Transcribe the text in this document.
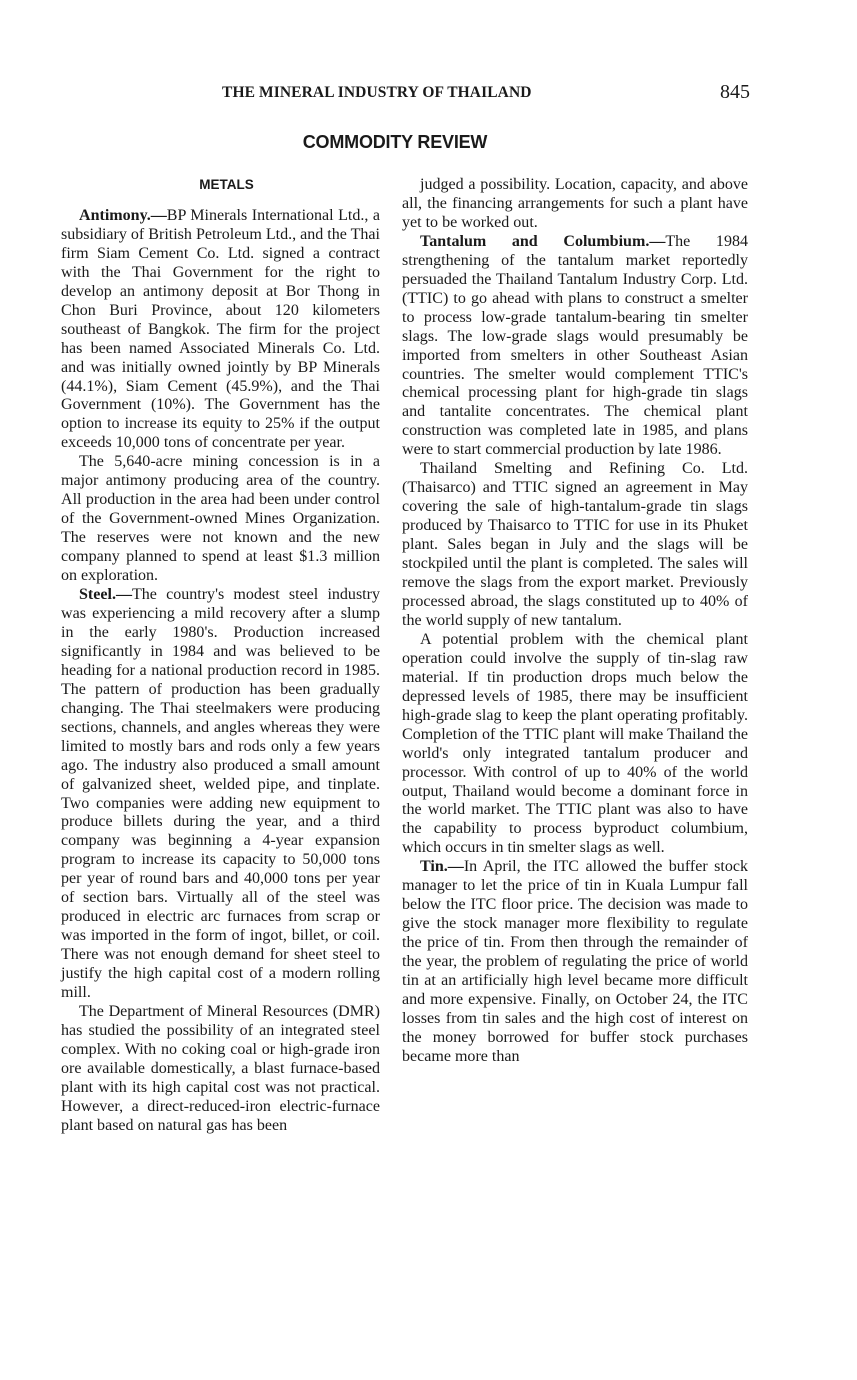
THE MINERAL INDUSTRY OF THAILAND	845
COMMODITY REVIEW
METALS

Antimony.—BP Minerals International Ltd., a subsidiary of British Petroleum Ltd., and the Thai firm Siam Cement Co. Ltd. signed a contract with the Thai Government for the right to develop an antimony deposit at Bor Thong in Chon Buri Province, about 120 kilometers southeast of Bangkok. The firm for the project has been named Associated Minerals Co. Ltd. and was initially owned jointly by BP Minerals (44.1%), Siam Cement (45.9%), and the Thai Government (10%). The Government has the option to increase its equity to 25% if the output exceeds 10,000 tons of concentrate per year.

The 5,640-acre mining concession is in a major antimony producing area of the country. All production in the area had been under control of the Government-owned Mines Organization. The reserves were not known and the new company planned to spend at least $1.3 million on exploration.

Steel.—The country's modest steel industry was experiencing a mild recovery after a slump in the early 1980's. Production increased significantly in 1984 and was believed to be heading for a national production record in 1985. The pattern of production has been gradually changing. The Thai steelmakers were producing sections, channels, and angles whereas they were limited to mostly bars and rods only a few years ago. The industry also produced a small amount of galvanized sheet, welded pipe, and tinplate. Two companies were adding new equipment to produce billets during the year, and a third company was beginning a 4-year expansion program to increase its capacity to 50,000 tons per year of round bars and 40,000 tons per year of section bars. Virtually all of the steel was produced in electric arc furnaces from scrap or was imported in the form of ingot, billet, or coil. There was not enough demand for sheet steel to justify the high capital cost of a modern rolling mill.

The Department of Mineral Resources (DMR) has studied the possibility of an integrated steel complex. With no coking coal or high-grade iron ore available domestically, a blast furnace-based plant with its high capital cost was not practical. However, a direct-reduced-iron electric-furnace plant based on natural gas has been

judged a possibility. Location, capacity, and above all, the financing arrangements for such a plant have yet to be worked out.

Tantalum and Columbium.—The 1984 strengthening of the tantalum market reportedly persuaded the Thailand Tantalum Industry Corp. Ltd. (TTIC) to go ahead with plans to construct a smelter to process low-grade tantalum-bearing tin smelter slags. The low-grade slags would presumably be imported from smelters in other Southeast Asian countries. The smelter would complement TTIC's chemical processing plant for high-grade tin slags and tantalite concentrates. The chemical plant construction was completed late in 1985, and plans were to start commercial production by late 1986.

Thailand Smelting and Refining Co. Ltd. (Thaisarco) and TTIC signed an agreement in May covering the sale of high-tantalum-grade tin slags produced by Thaisarco to TTIC for use in its Phuket plant. Sales began in July and the slags will be stockpiled until the plant is completed. The sales will remove the slags from the export market. Previously processed abroad, the slags constituted up to 40% of the world supply of new tantalum.

A potential problem with the chemical plant operation could involve the supply of tin-slag raw material. If tin production drops much below the depressed levels of 1985, there may be insufficient high-grade slag to keep the plant operating profitably. Completion of the TTIC plant will make Thailand the world's only integrated tantalum producer and processor. With control of up to 40% of the world output, Thailand would become a dominant force in the world market. The TTIC plant was also to have the capability to process byproduct columbium, which occurs in tin smelter slags as well.

Tin.—In April, the ITC allowed the buffer stock manager to let the price of tin in Kuala Lumpur fall below the ITC floor price. The decision was made to give the stock manager more flexibility to regulate the price of tin. From then through the remainder of the year, the problem of regulating the price of world tin at an artificially high level became more difficult and more expensive. Finally, on October 24, the ITC losses from tin sales and the high cost of interest on the money borrowed for buffer stock purchases became more than
